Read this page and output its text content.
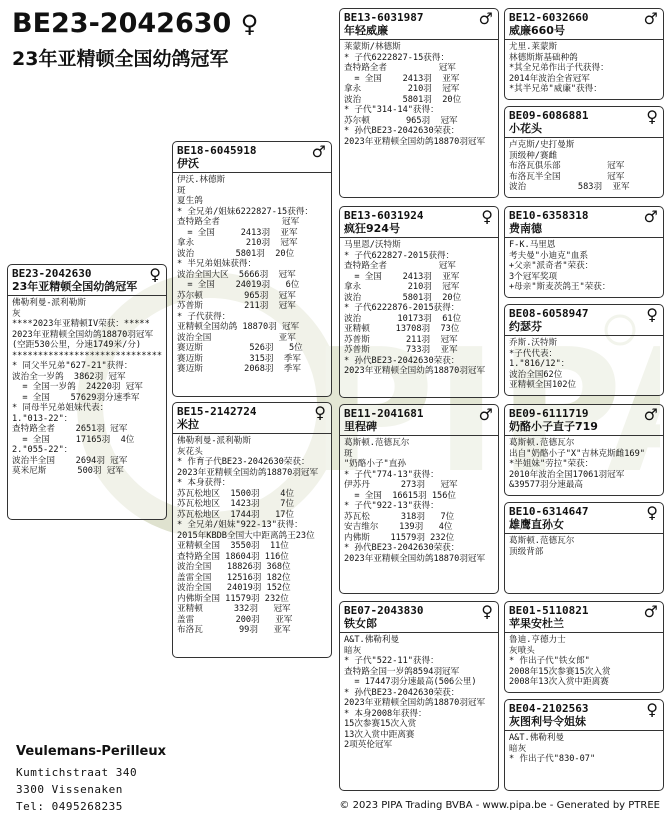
BE23-2042630 ♀
23年亚精顿全国幼鸽冠军
BE23-2042630	♀
23年亚精顿全国幼鸽冠军
佛勒利曼-派利勒斯
灰
****2023年亚精顿IV荣获：*****
2023年亚精顿全国幼鸽18870羽冠军
(空距530公里，分速1749米/分)
*****************************
* 同父半兄弟"627-21"获得：
波治全一岁鸽  3862羽 冠军
= 全国一岁鸽  24220羽 冠军
= 全国    57629羽分速季军
* 同母半兄弟姐妹代表：
1."013-22"：
查特路全者    2651羽 冠军
= 全国     17165羽  4位
2."055-22"：
波治半全国    2694羽 冠军
莫米尼斯      500羽 冠军
BE18-6045918	♂
伊沃
伊沃.林德斯
斑
夏生鸽
* 全兄弟/姐妹6222827-15获得：
查特路全者            冠军
= 全国     2413羽  亚军
拿永          210羽  冠军
波治        5801羽  20位
* 半兄弟姐妹获得：
波治全国大区  5666羽  冠军
= 全国    24019羽   6位
苏尔顿        965羽  冠军
苏普斯        211羽  冠军
* 子代获得：
亚精顿全国幼鸽 18870羽 冠军
波治全国             亚军
赛迈斯         526羽   5位
赛迈斯         315羽  季军
赛迈斯        2068羽  季军
BE15-2142724	♀
米拉
佛勒利曼-派利勒斯
灰花头
* 作育子代BE23-2042630荣获：
2023年亚精顿全国幼鸽18870羽冠军
* 本身获得：
苏瓦松地区  1500羽    4位
苏瓦松地区  1423羽    7位
苏瓦松地区  1744羽   17位
* 全兄弟/姐妹"922-13"获得：
2015年KBDB全国大中距离鸽王23位
亚精顿全国  3550羽  11位
查特路全国 18604羽 116位
波治全国   18826羽 368位
盖雷全国   12516羽 182位
波治全国   24019羽 152位
内佛斯全国 11579羽 232位
亚精顿      332羽   冠军
盖雷        200羽   亚军
布洛瓦       99羽   亚军
BE13-6031987	♂
年轻威廉
莱蒙斯/林德斯
* 子代6222827-15获得：
查特路全者          冠军
= 全国    2413羽  亚军
拿永         210羽  冠军
波治        5801羽  20位
* 子代"314-14"获得：
苏尔顿       965羽  冠军
* 孙代BE23-2042630荣获：
2023年亚精顿全国幼鸽18870羽冠军
BE13-6031924	♀
疯狂924号
马里恩/沃特斯
* 子代622827-2015获得：
查特路全者          冠军
= 全国    2413羽  亚军
拿永         210羽  冠军
波治        5801羽  20位
* 子代6222876-2015获得：
波治       10173羽  61位
亚精顿     13708羽  73位
苏普斯       211羽  冠军
苏普斯       733羽  亚军
* 孙代BE23-2042630荣获：
2023年亚精顿全国幼鸽18870羽冠军
BE11-2041681	♂
里程碑
葛斯顿.范德瓦尔
斑
"奶酪小子"直孙
* 子代"774-13"获得：
伊苏丹      273羽   冠军
= 全国  16615羽 156位
* 子代"922-13"获得：
苏瓦松      318羽   7位
安吉维尔    139羽   4位
内佛斯    11579羽 232位
* 孙代BE23-2042630荣获：
2023年亚精顿全国幼鸽18870羽冠军
BE07-2043830	♀
铁女郎
A&T.佛勒利曼
暗灰
* 子代"522-11"获得：
查特路全国一岁鸽8594羽冠军
= 17447羽分速最高(506公里)
* 孙代BE23-2042630荣获：
2023年亚精顿全国幼鸽18870羽冠军
* 本身2008年获得：
15次参赛15次入赏
13次入赏中距离赛
2项英伦冠军
BE12-6032660	♂
威廉660号
尤里.莱蒙斯
林德斯斯基础种鸽
*其全兄弟作出子代获得：
2014年波治全省冠军
*其半兄弟"威廉"获得：
BE09-6086881	♀
小花头
卢克斯/史打曼斯
顶级种/赛雌
布洛瓦俱乐部         冠军
布洛瓦半全国         冠军
波治          583羽  亚军
BE10-6358318	♂
费南德
F-K.马里恩
考夫曼"小迪克"血系
+父亲"派奇者"荣获：
3个冠军奖项
+母亲"斯麦茨鸽王"荣获：
BE08-6058947	♀
约瑟芬
乔斯.沃特斯
*子代代表：
1."816/12"：
波治全国62位
亚精顿全国102位
BE09-6111719	♂
奶酪小子直子719
葛斯顿.范德瓦尔
出自"奶酪小子"X"吉林克斯雌169"
*半姐妹"劳拉"荣获：
2010年波治全国17061羽冠军
&39577羽分速最高
BE10-6314647	♀
雄鹰直孙女
葛斯顿.范德瓦尔
顶级背部
BE01-5110821	♂
苹果安杜兰
鲁迪.亨德力士
灰喷头
* 作出子代"铁女郎"
2008年15次参赛15次入赏
2008年13次入赏中距离赛
BE04-2102563	♀
灰图利号令姐妹
A&T.佛勒利曼
暗灰
* 作出子代"830-07"
Veulemans-Perilleux
Kumtichstraat 340
3300 Vissenaken
Tel: 0495268235	© 2023 PIPA Trading BVBA - www.pipa.be - Generated by PTREE
